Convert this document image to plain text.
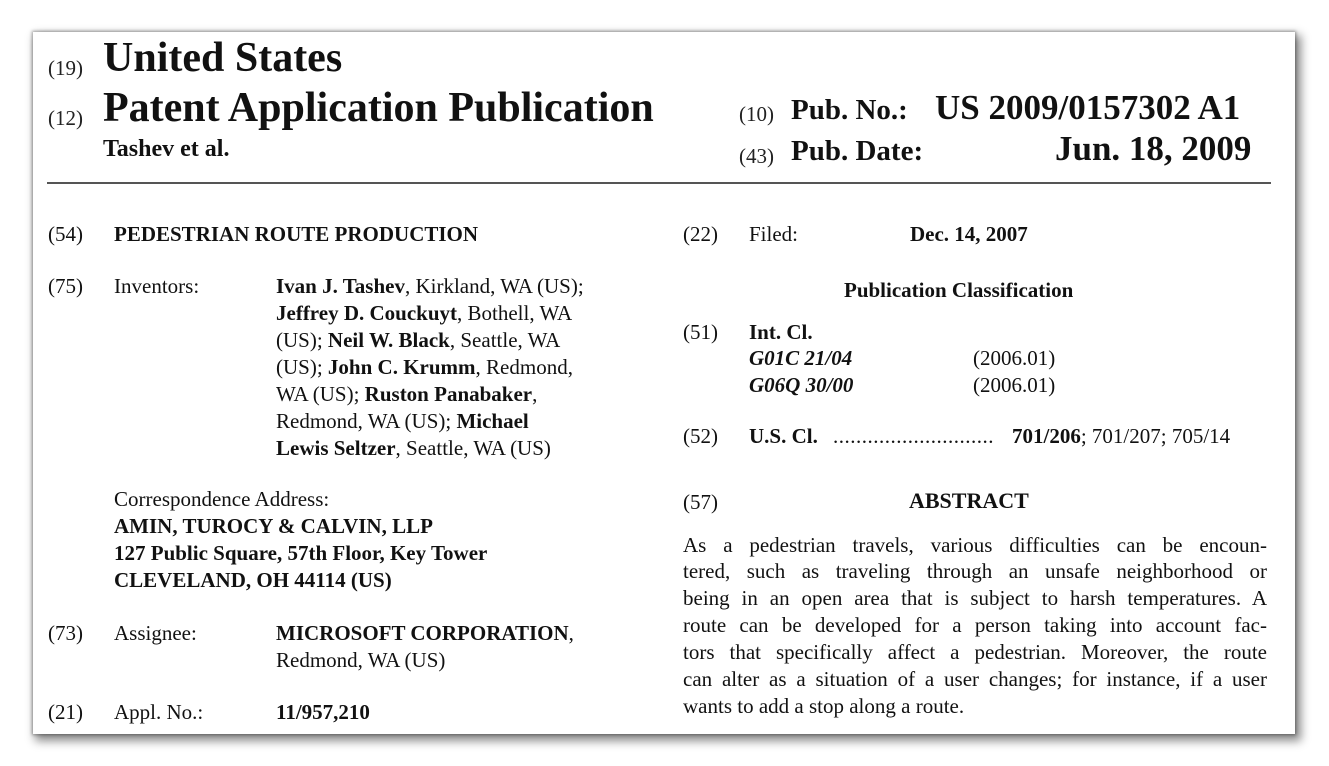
(19) United States
(12) Patent Application Publication
Tashev et al.
(10) Pub. No.: US 2009/0157302 A1
(43) Pub. Date:	Jun. 18, 2009
(54) PEDESTRIAN ROUTE PRODUCTION
(75) Inventors:	Ivan J. Tashev, Kirkland, WA (US);
Jeffrey D. Couckuyt, Bothell, WA
(US); Neil W. Black, Seattle, WA
(US); John C. Krumm, Redmond,
WA (US); Ruston Panabaker,
Redmond, WA (US); Michael
Lewis Seltzer, Seattle, WA (US)
Correspondence Address:
AMIN, TUROCY & CALVIN, LLP
127 Public Square, 57th Floor, Key Tower
CLEVELAND, OH 44114 (US)
(73) Assignee:	MICROSOFT CORPORATION,
Redmond, WA (US)
(21) Appl. No.:	11/957,210
(22) Filed:	Dec. 14, 2007
Publication Classification
(51) Int. Cl.
G01C 21/04	(2006.01)
G06Q 30/00	(2006.01)
(52) U.S. Cl. ............................ 701/206; 701/207; 705/14
(57)	ABSTRACT
As a pedestrian travels, various difficulties can be encoun-
tered, such as traveling through an unsafe neighborhood or
being in an open area that is subject to harsh temperatures. A
route can be developed for a person taking into account fac-
tors that specifically affect a pedestrian. Moreover, the route
can alter as a situation of a user changes; for instance, if a user
wants to add a stop along a route.
